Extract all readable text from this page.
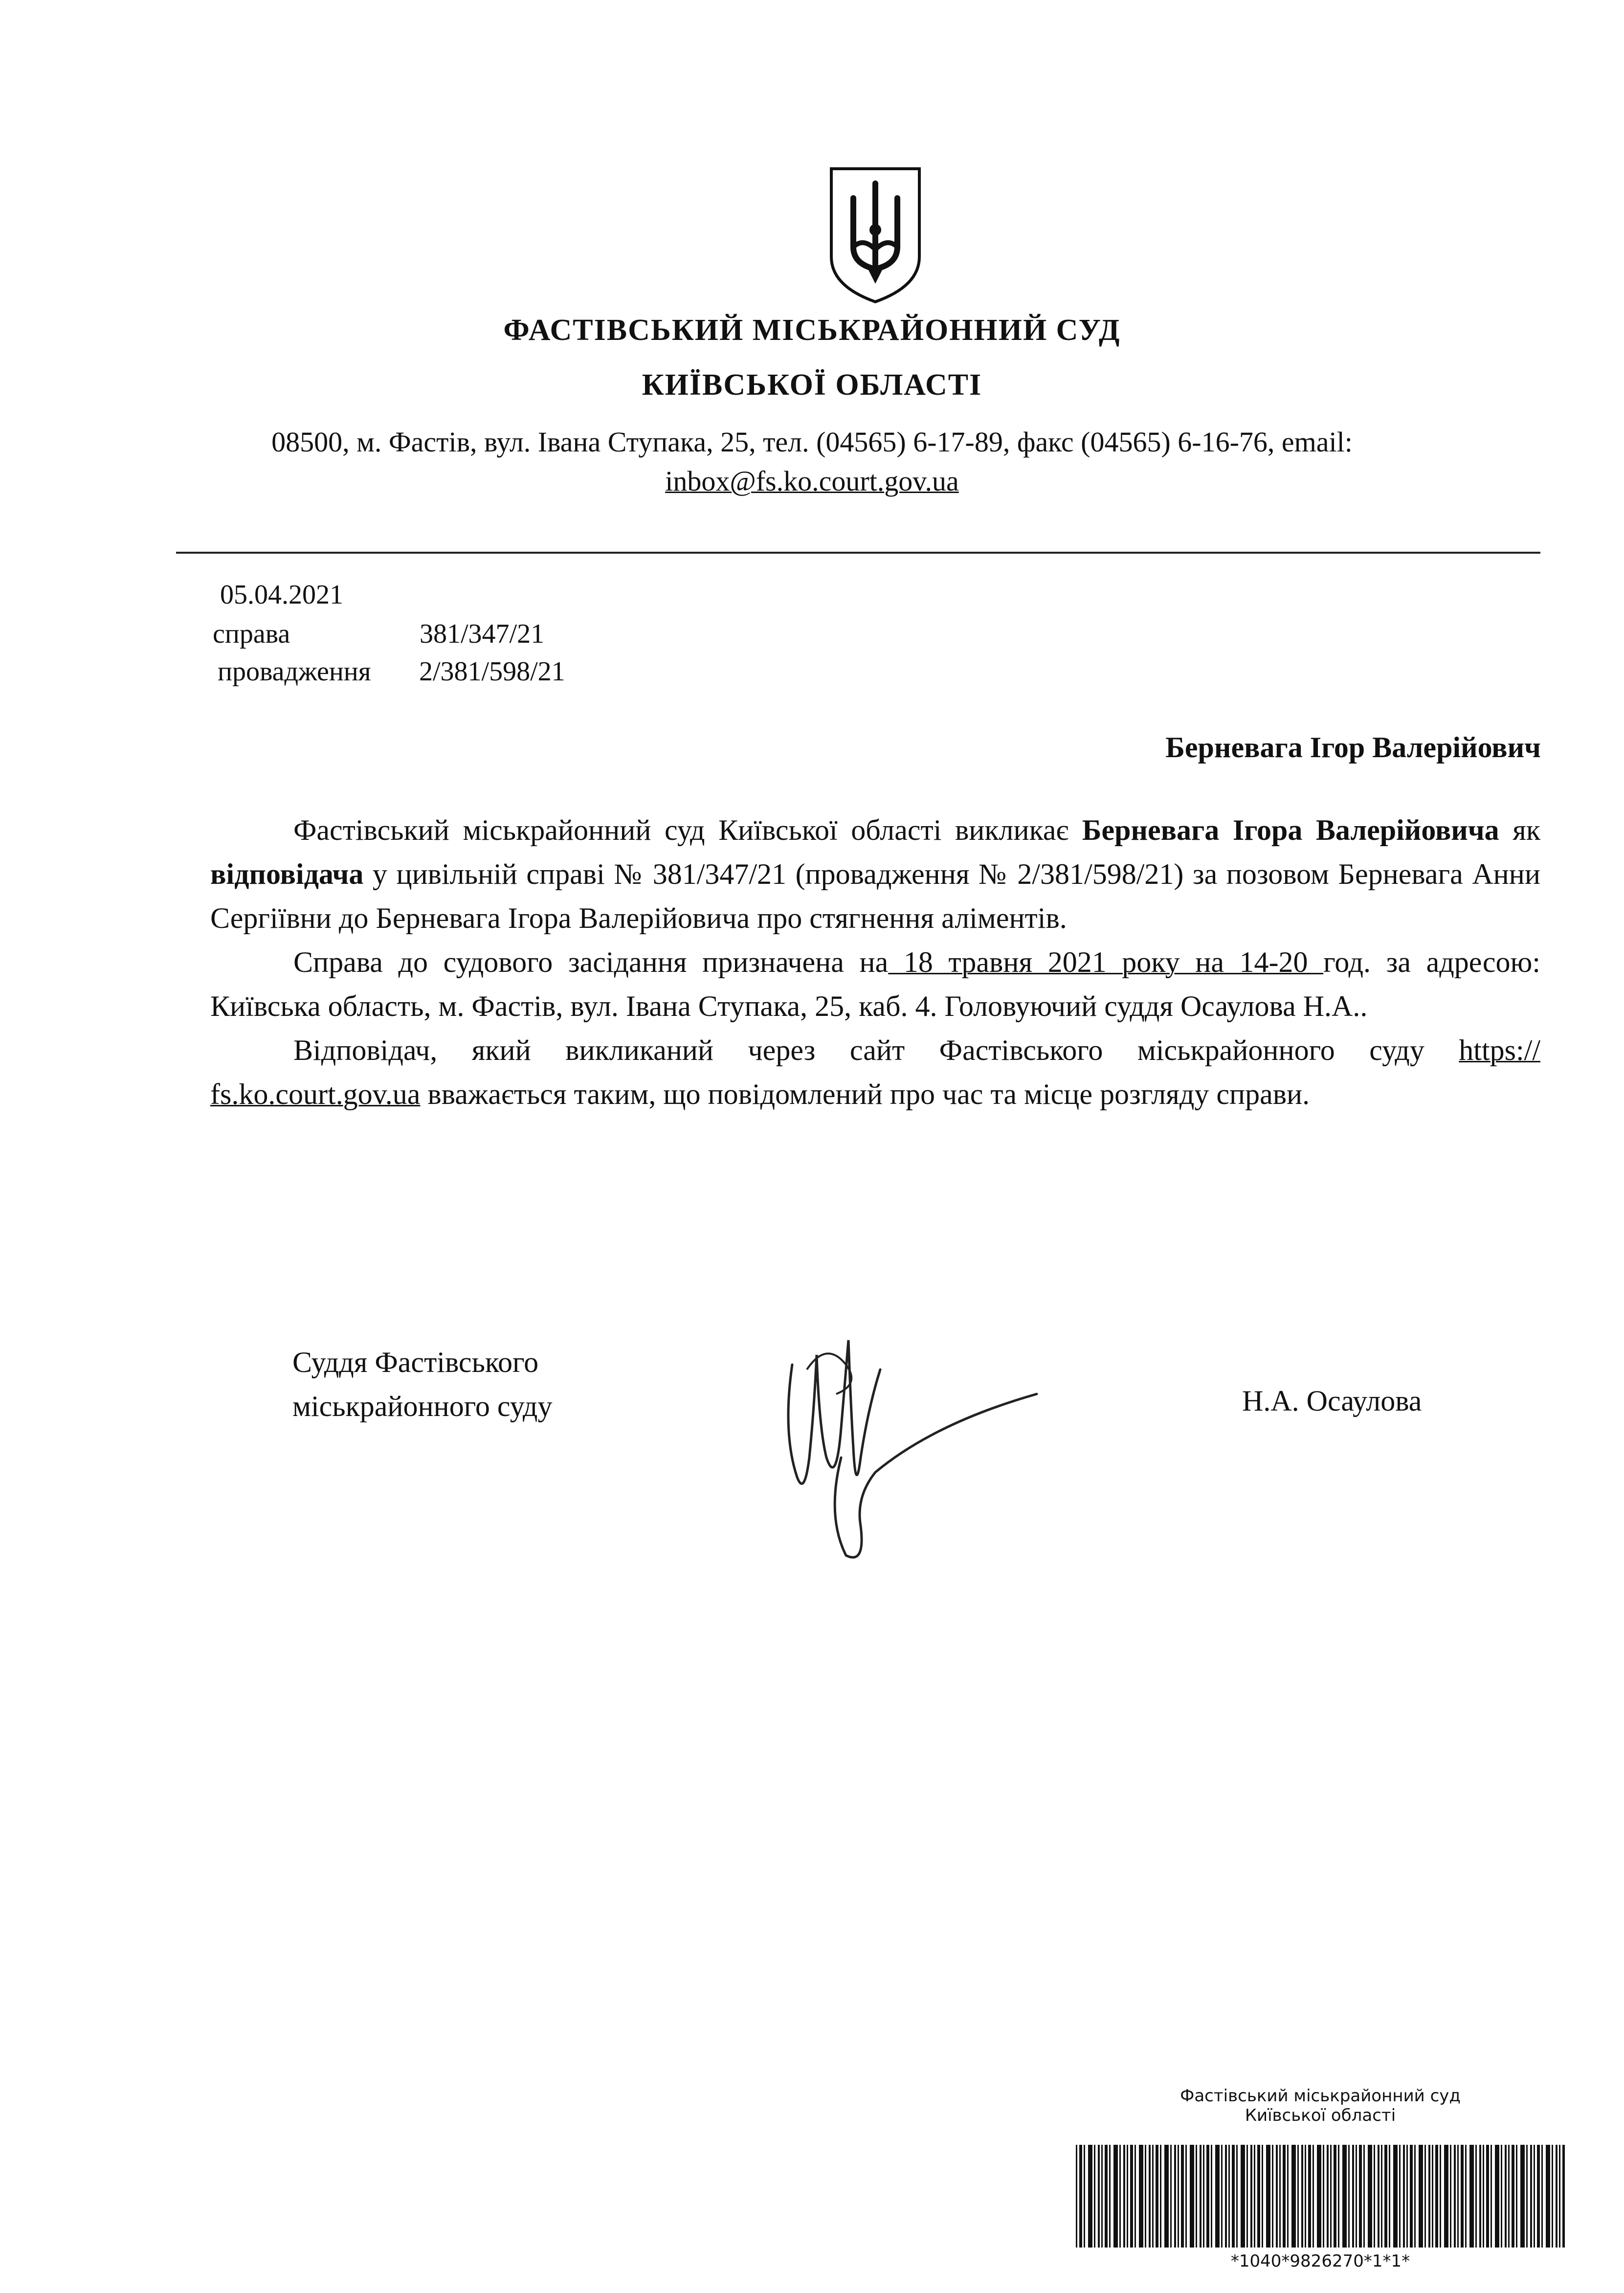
ФАСТІВСЬКИЙ МІСЬКРАЙОННИЙ СУД
КИЇВСЬКОЇ ОБЛАСТІ
08500, м. Фастів, вул. Івана Ступака, 25, тел. (04565) 6-17-89, факс (04565) 6-16-76, email:
inbox@fs.ko.court.gov.ua
05.04.2021
справа	381/347/21
провадження 2/381/598/21
Берневага Ігор Валерійович

Фастівський міськрайонний суд Київської області викликає Берневага Ігора Валерійовича як відповідача у цивільній справі № 381/347/21 (провадження № 2/381/598/21) за позовом Берневага Анни Сергіївни до Берневага Ігора Валерійовича про стягнення аліментів.

Справа до судового засідання призначена на 18 травня 2021 року на 14-20 год. за адресою: Київська область, м. Фастів, вул. Івана Ступака, 25, каб. 4. Головуючий суддя Осаулова Н.А..

Відповідач, який викликаний через сайт Фастівського міськрайонного суду https:// fs.ko.court.gov.ua вважається таким, що повідомлений про час та місце розгляду справи.

Суддя Фастівського
міськрайонного суду	Н.А. Осаулова
Фастівський міськрайонний суд
Київської області
*1040*9826270*1*1*
